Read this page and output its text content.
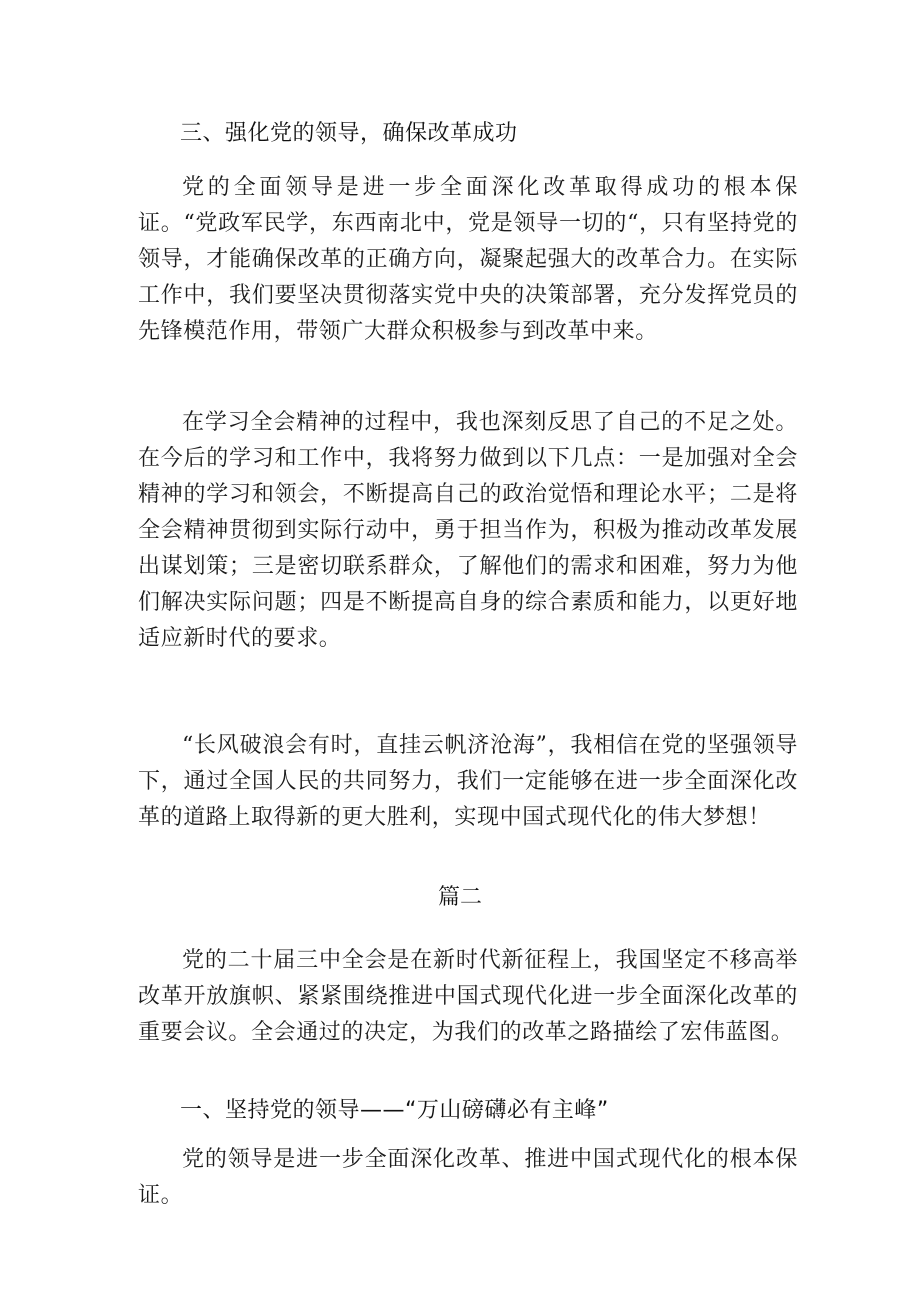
三、强化党的领导，确保改革成功

党的全面领导是进一步全面深化改革取得成功的根本保证。“党政军民学，东西南北中，党是领导一切的“，只有坚持党的领导，才能确保改革的正确方向，凝聚起强大的改革合力。在实际工作中，我们要坚决贯彻落实党中央的决策部署，充分发挥党员的先锋模范作用，带领广大群众积极参与到改革中来。

在学习全会精神的过程中，我也深刻反思了自己的不足之处。在今后的学习和工作中，我将努力做到以下几点：一是加强对全会精神的学习和领会，不断提高自己的政治觉悟和理论水平；二是将全会精神贯彻到实际行动中，勇于担当作为，积极为推动改革发展出谋划策；三是密切联系群众，了解他们的需求和困难，努力为他们解决实际问题；四是不断提高自身的综合素质和能力，以更好地适应新时代的要求。

“长风破浪会有时，直挂云帆济沧海”，我相信在党的坚强领导下，通过全国人民的共同努力，我们一定能够在进一步全面深化改革的道路上取得新的更大胜利，实现中国式现代化的伟大梦想！

篇二

党的二十届三中全会是在新时代新征程上，我国坚定不移高举改革开放旗帜、紧紧围绕推进中国式现代化进一步全面深化改革的重要会议。全会通过的决定，为我们的改革之路描绘了宏伟蓝图。

一、坚持党的领导——“万山磅礴必有主峰”

党的领导是进一步全面深化改革、推进中国式现代化的根本保证。
